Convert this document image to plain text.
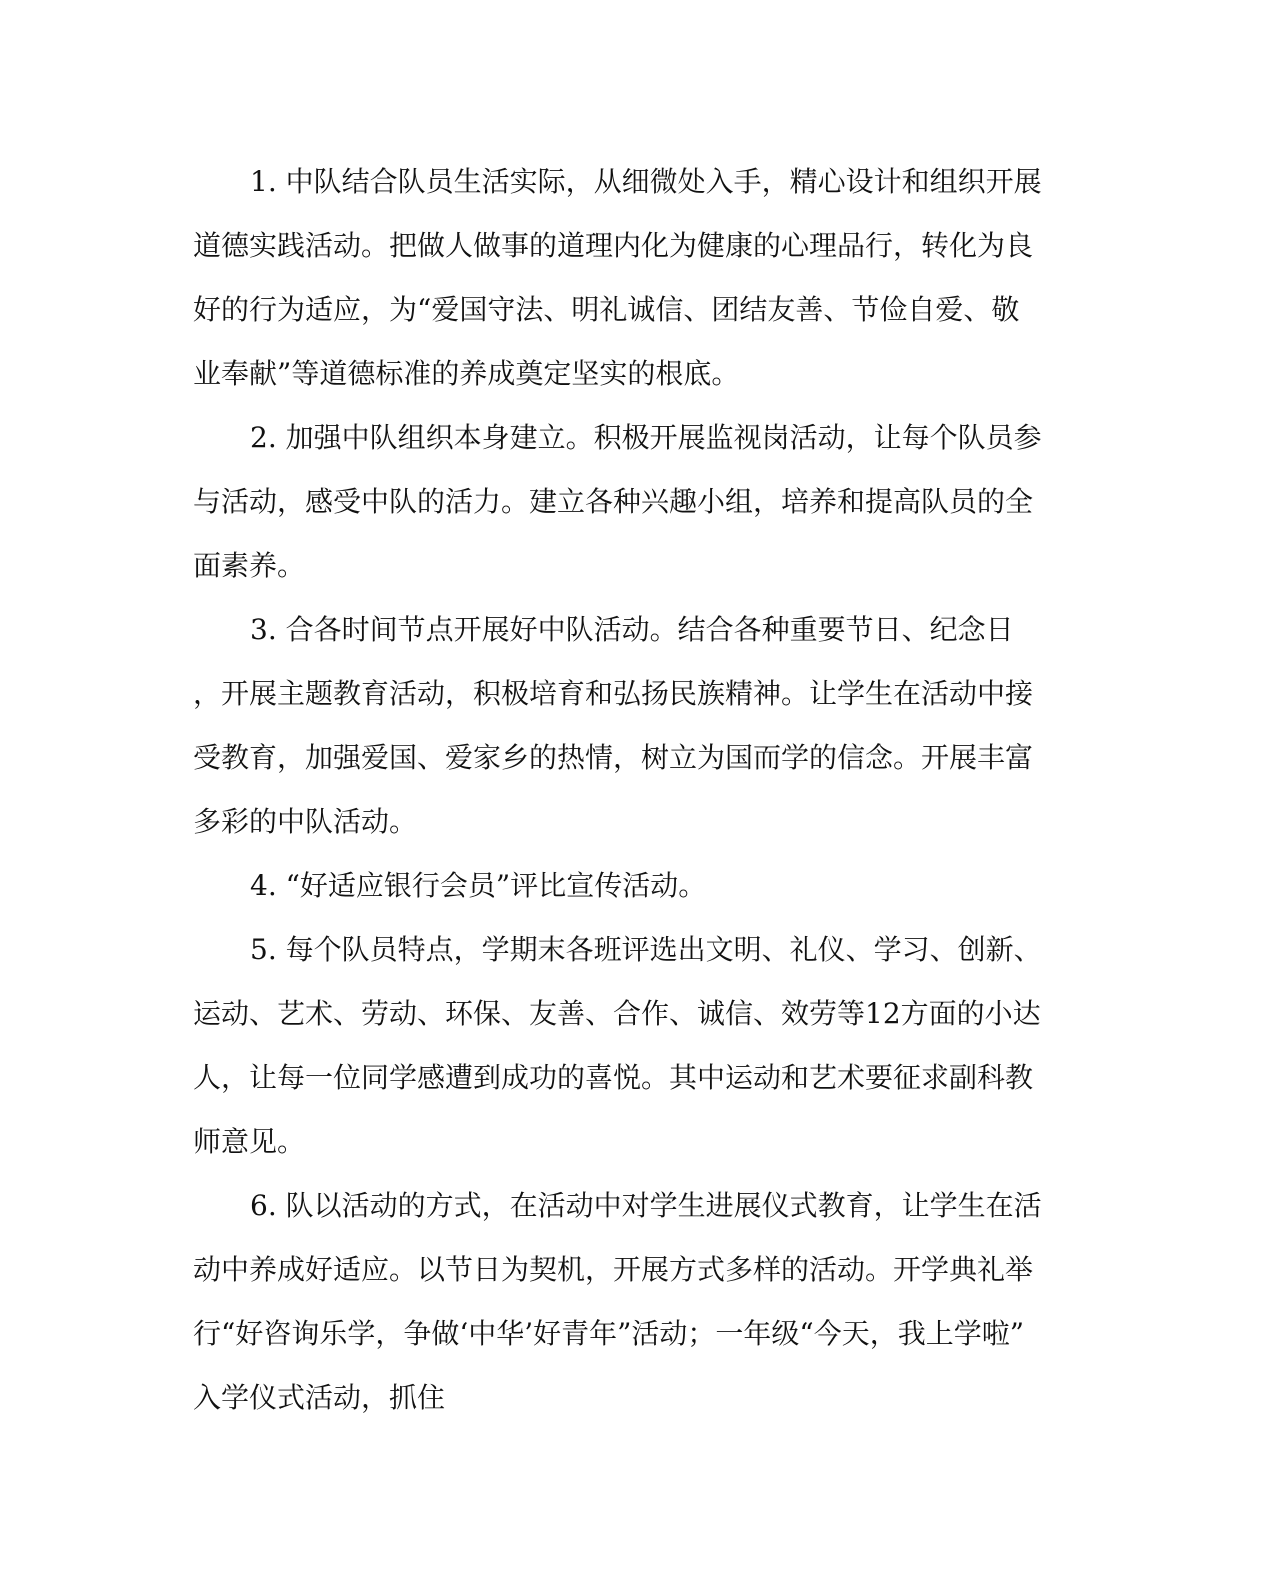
1. 中队结合队员生活实际，从细微处入手，精心设计和组织开展
道德实践活动。把做人做事的道理内化为健康的心理品行，转化为良
好的行为适应，为“爱国守法、明礼诚信、团结友善、节俭自爱、敬
业奉献”等道德标准的养成奠定坚实的根底。
2. 加强中队组织本身建立。积极开展监视岗活动，让每个队员参
与活动，感受中队的活力。建立各种兴趣小组，培养和提高队员的全
面素养。
3. 合各时间节点开展好中队活动。结合各种重要节日、纪念日
，开展主题教育活动，积极培育和弘扬民族精神。让学生在活动中接
受教育，加强爱国、爱家乡的热情，树立为国而学的信念。开展丰富
多彩的中队活动。
4. “好适应银行会员”评比宣传活动。
5. 每个队员特点，学期末各班评选出文明、礼仪、学习、创新、
运动、艺术、劳动、环保、友善、合作、诚信、效劳等12方面的小达
人，让每一位同学感遭到成功的喜悦。其中运动和艺术要征求副科教
师意见。
6. 队以活动的方式，在活动中对学生进展仪式教育，让学生在活
动中养成好适应。以节日为契机，开展方式多样的活动。开学典礼举
行“好咨询乐学，争做‘中华’好青年”活动；一年级“今天，我上学啦”
入学仪式活动，抓住
